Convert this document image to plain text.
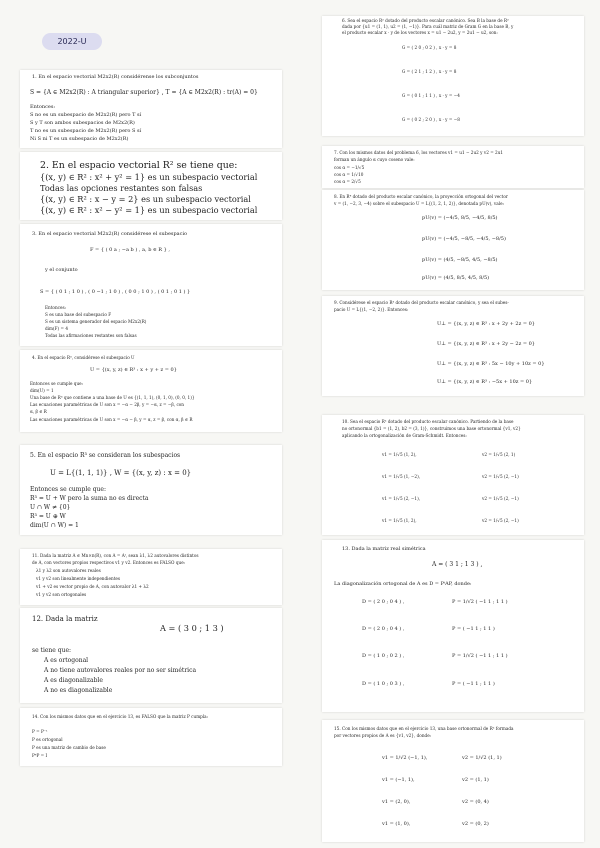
2022-U
1. En el espacio vectorial M2x2(R) considérense los subconjuntos
S = {A ∈ M2x2(R) : A triangular superior} , T = {A ∈ M2x2(R) : tr(A) = 0}
Entonces:
S no es un subespacio de M2x2(R) pero T sí
S y T son ambos subespacios de M2x2(R)
T no es un subespacio de M2x2(R) pero S sí
Ni S ni T es un subespacio de M2x2(R)
2. En el espacio vectorial R² se tiene que:
{(x, y) ∈ R² : x² + y² = 1} es un subespacio vectorial
Todas las opciones restantes son falsas
{(x, y) ∈ R² : x − y = 2} es un subespacio vectorial
{(x, y) ∈ R² : x² − y² = 1} es un subespacio vectorial
3. En el espacio vectorial M2x2(R) considérese el subespacio
F = { ( 0 a ; −a b ) , a, b ∈ R } ,
y el conjunto
S = { ( 0 1 ; 1 0 ) , ( 0 −1 ; 1 0 ) , ( 0 0 ; 1 0 ) , ( 0 1 ; 0 1 ) }
Entonces:
S es una base del subespacio F
S es un sistema generador del espacio M2x2(R)
dim(F) = 4
Todas las afirmaciones restantes son falsas
4. En el espacio R³, considérese el subespacio U
U = {(x, y, z) ∈ R³ : x + y + z = 0}
Entonces se cumple que:
dim(U) = 1
Una base de R³ que contiene a una base de U es {(1, 1, 1), (0, 1, 0), (0, 0, 1)}
Las ecuaciones paramétricas de U son x = −α − 2β, y = −α, z = −β, con
α, β ∈ R
Las ecuaciones paramétricas de U son x = −α − β, y = α, z = β, con α, β ∈ R
5. En el espacio R³ se consideran los subespacios
U = L{(1, 1, 1)} , W = {(x, y, z) : x = 0}
Entonces se cumple que:
R³ = U + W pero la suma no es directa
U ∩ W ≠ {0}
R³ = U ⊕ W
dim(U ∩ W) = 1
11. Dada la matriz A ∈ Mn×n(R), con A = Aᵗ, sean λ1, λ2 autovalores distintos
de A, con vectores propios respectivos v1 y v2. Entonces es FALSO que:
λ1 y λ2 son autovalores reales
v1 y v2 son linealmente independientes
v1 + v2 es vector propio de A, con autovalor λ1 + λ2
v1 y v2 son ortogonales
12. Dada la matriz
A = ( 3 0 ; 1 3 )
se tiene que:
A es ortogonal
A no tiene autovalores reales por no ser simétrica
A es diagonalizable
A no es diagonalizable
14. Con los mismos datos que en el ejercicio 13, es FALSO que la matriz P cumpla:
P = P⁻¹
P es ortogonal
P es una matriz de cambio de base
P⁴P = I
6. Sea el espacio R² dotado del producto escalar canónico. Sea B la base de R²
dada por {u1 = (1, 1), u2 = (1, −1)}. Para cuál matriz de Gram G en la base B, y
el producto escalar x · y de los vectores x = u1 − 2u2, y = 2u1 − u2, son:
G = ( 2 0 ; 0 2 ) , x · y = 8
G = ( 2 1 ; 1 2 ) , x · y = 8
G = ( 0 1 ; 1 1 ) , x · y = −4
G = ( 0 2 ; 2 0 ) , x · y = −8
7. Con los mismos datos del problema 6, los vectores v1 = u1 − 2u2 y v2 = 2u1
forman un ángulo α cuyo coseno vale:
cos α = −1/√5
cos α = 1/√10
cos α = 2/√5
8. En R⁴ dotado del producto escalar canónico, la proyección ortogonal del vector
v = (1, −2, 3, −4) sobre el subespacio U = L{(1, 2, 1, 2)}, denotada pU(v), vale:
pU(v) = (−4/5, 8/5, −4/5, 8/5)
pU(v) = (−4/5, −8/5, −4/5, −8/5)
pU(v) = (4/5, −8/5, 4/5, −8/5)
pU(v) = (4/5, 8/5, 4/5, 8/5)
9. Considérese el espacio R³ dotado del producto escalar canónico, y sea el subes-
pacio U = L{(1, −2, 2)}. Entonces:
U⊥ = {(x, y, z) ∈ R³ : x + 2y + 2z = 0}
U⊥ = {(x, y, z) ∈ R³ : x + 2y − 2z = 0}
U⊥ = {(x, y, z) ∈ R³ : 5x − 10y + 10z = 0}
U⊥ = {(x, y, z) ∈ R³ : −5x + 10z = 0}
10. Sea el espacio R² dotado del producto escalar canónico. Partiendo de la base
no ortonormal {b1 = (1, 2), b2 = (3, 1)}, construimos una base ortonormal {v1, v2}
aplicando la ortogonalización de Gram-Schmidt. Entonces:
v1 = 1/√5 (1, 2),	v2 = 1/√5 (2, 1)
v1 = 1/√5 (1, −2),	v2 = 1/√5 (2, −1)
v1 = 1/√5 (2, −1),	v2 = 1/√5 (2, −1)
v1 = 1/√5 (1, 2),	v2 = 1/√5 (2, −1)
13. Dada la matriz real simétrica
A = ( 3 1 ; 1 3 ) ,
La diagonalización ortogonal de A es D = PᵗAP, donde:
D = ( 2 0 ; 0 4 ) ,	P = 1/√2 ( −1 1 ; 1 1 )
D = ( 2 0 ; 0 4 ) ,	P = ( −1 1 ; 1 1 )
D = ( 1 0 ; 0 2 ) ,	P = 1/√2 ( −1 1 ; 1 1 )
D = ( 1 0 ; 0 3 ) ,	P = ( −1 1 ; 1 1 )
15. Con los mismos datos que en el ejercicio 13, una base ortonormal de R² formada
por vectores propios de A es {v1, v2}, donde:
v1 = 1/√2 (−1, 1),	v2 = 1/√2 (1, 1)
v1 = (−1, 1),	v2 = (1, 1)
v1 = (2, 0),	v2 = (0, 4)
v1 = (1, 0),	v2 = (0, 2)
